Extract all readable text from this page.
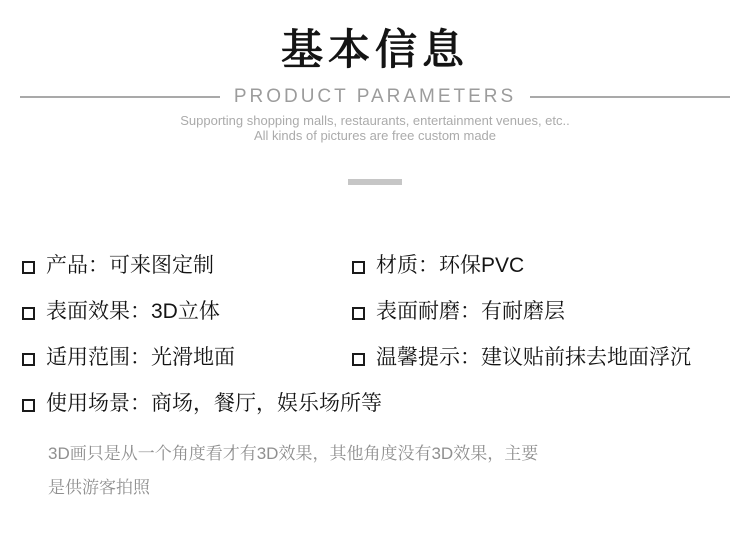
基本信息
PRODUCT PARAMETERS

Supporting shopping malls, restaurants, entertainment venues, etc..

All kinds of pictures are free custom made

产品：可来图定制	材质：环保PVC
表面效果：3D立体	表面耐磨：有耐磨层
适用范围：光滑地面	温馨提示：建议贴前抹去地面浮沉
使用场景：商场，餐厅，娱乐场所等

3D画只是从一个角度看才有3D效果，其他角度没有3D效果，主要

是供游客拍照
